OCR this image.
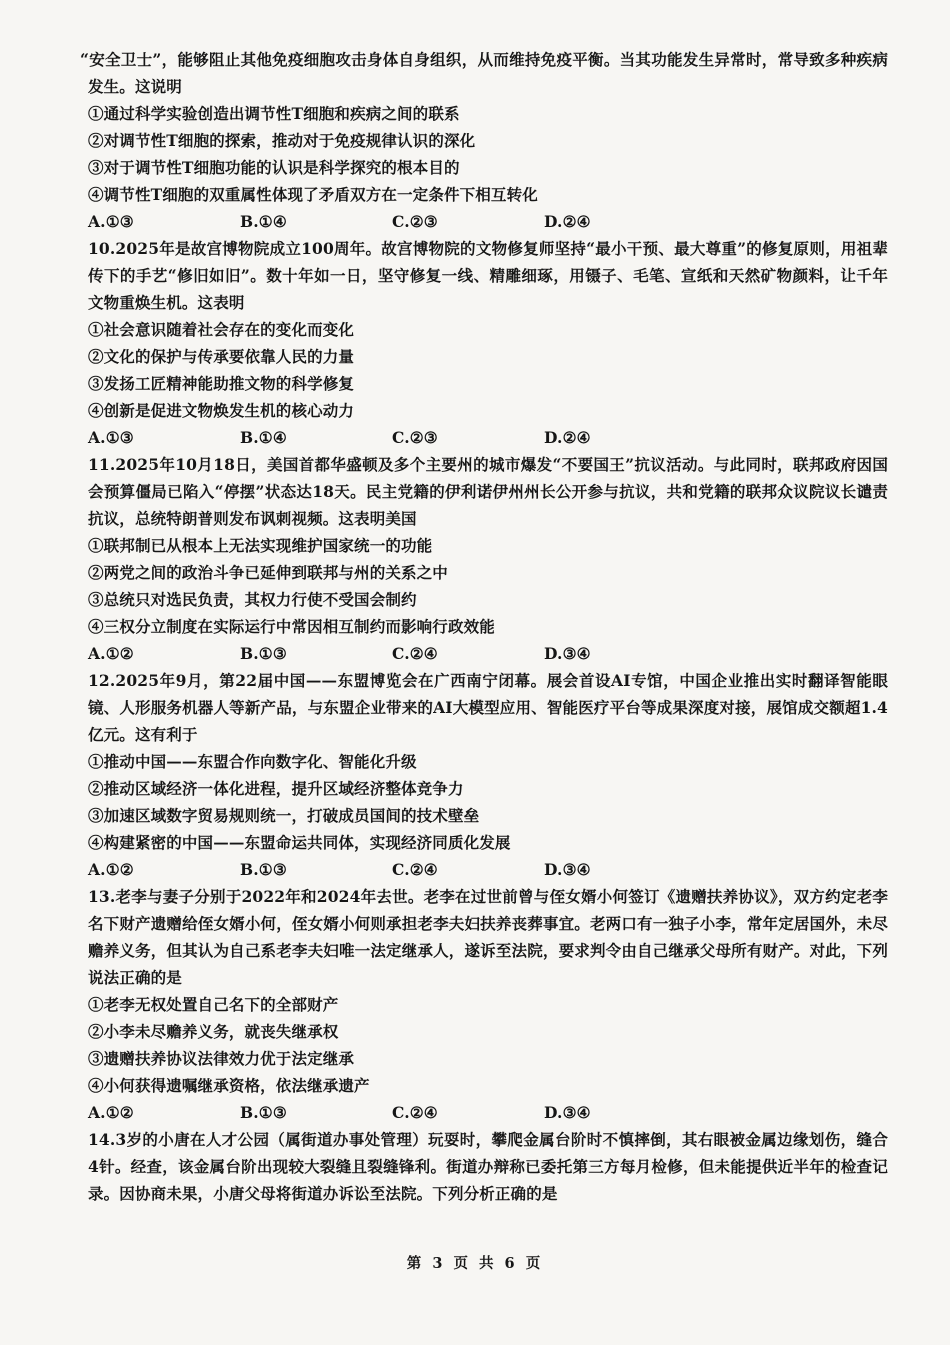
“安全卫士”，能够阻止其他免疫细胞攻击身体自身组织，从而维持免疫平衡。当其功能发生异常时，常导致多种疾病发生。这说明

①通过科学实验创造出调节性T细胞和疾病之间的联系

②对调节性T细胞的探索，推动对于免疫规律认识的深化

③对于调节性T细胞功能的认识是科学探究的根本目的

④调节性T细胞的双重属性体现了矛盾双方在一定条件下相互转化

A.①③	B.①④	C.②③	D.②④

10.2025年是故宫博物院成立100周年。故宫博物院的文物修复师坚持“最小干预、最大尊重”的修复原则，用祖辈传下的手艺“修旧如旧”。数十年如一日，坚守修复一线、精雕细琢，用镊子、毛笔、宣纸和天然矿物颜料，让千年文物重焕生机。这表明

①社会意识随着社会存在的变化而变化

②文化的保护与传承要依靠人民的力量

③发扬工匠精神能助推文物的科学修复

④创新是促进文物焕发生机的核心动力

A.①③	B.①④	C.②③	D.②④

11.2025年10月18日，美国首都华盛顿及多个主要州的城市爆发“不要国王”抗议活动。与此同时，联邦政府因国会预算僵局已陷入“停摆”状态达18天。民主党籍的伊利诺伊州州长公开参与抗议，共和党籍的联邦众议院议长谴责抗议，总统特朗普则发布讽刺视频。这表明美国

①联邦制已从根本上无法实现维护国家统一的功能

②两党之间的政治斗争已延伸到联邦与州的关系之中

③总统只对选民负责，其权力行使不受国会制约

④三权分立制度在实际运行中常因相互制约而影响行政效能

A.①②	B.①③	C.②④	D.③④

12.2025年9月，第22届中国——东盟博览会在广西南宁闭幕。展会首设AI专馆，中国企业推出实时翻译智能眼镜、人形服务机器人等新产品，与东盟企业带来的AI大模型应用、智能医疗平台等成果深度对接，展馆成交额超1.4亿元。这有利于

①推动中国——东盟合作向数字化、智能化升级

②推动区域经济一体化进程，提升区域经济整体竞争力

③加速区域数字贸易规则统一，打破成员国间的技术壁垒

④构建紧密的中国——东盟命运共同体，实现经济同质化发展

A.①②	B.①③	C.②④	D.③④

13.老李与妻子分别于2022年和2024年去世。老李在过世前曾与侄女婿小何签订《遗赠扶养协议》，双方约定老李名下财产遗赠给侄女婿小何，侄女婿小何则承担老李夫妇扶养丧葬事宜。老两口有一独子小李，常年定居国外，未尽赡养义务，但其认为自己系老李夫妇唯一法定继承人，遂诉至法院，要求判令由自己继承父母所有财产。对此，下列说法正确的是

①老李无权处置自己名下的全部财产

②小李未尽赡养义务，就丧失继承权

③遗赠扶养协议法律效力优于法定继承

④小何获得遗嘱继承资格，依法继承遗产

A.①②	B.①③	C.②④	D.③④

14.3岁的小唐在人才公园（属街道办事处管理）玩耍时，攀爬金属台阶时不慎摔倒，其右眼被金属边缘划伤，缝合4针。经查，该金属台阶出现较大裂缝且裂缝锋利。街道办辩称已委托第三方每月检修，但未能提供近半年的检查记录。因协商未果，小唐父母将街道办诉讼至法院。下列分析正确的是

第 3 页 共 6 页
